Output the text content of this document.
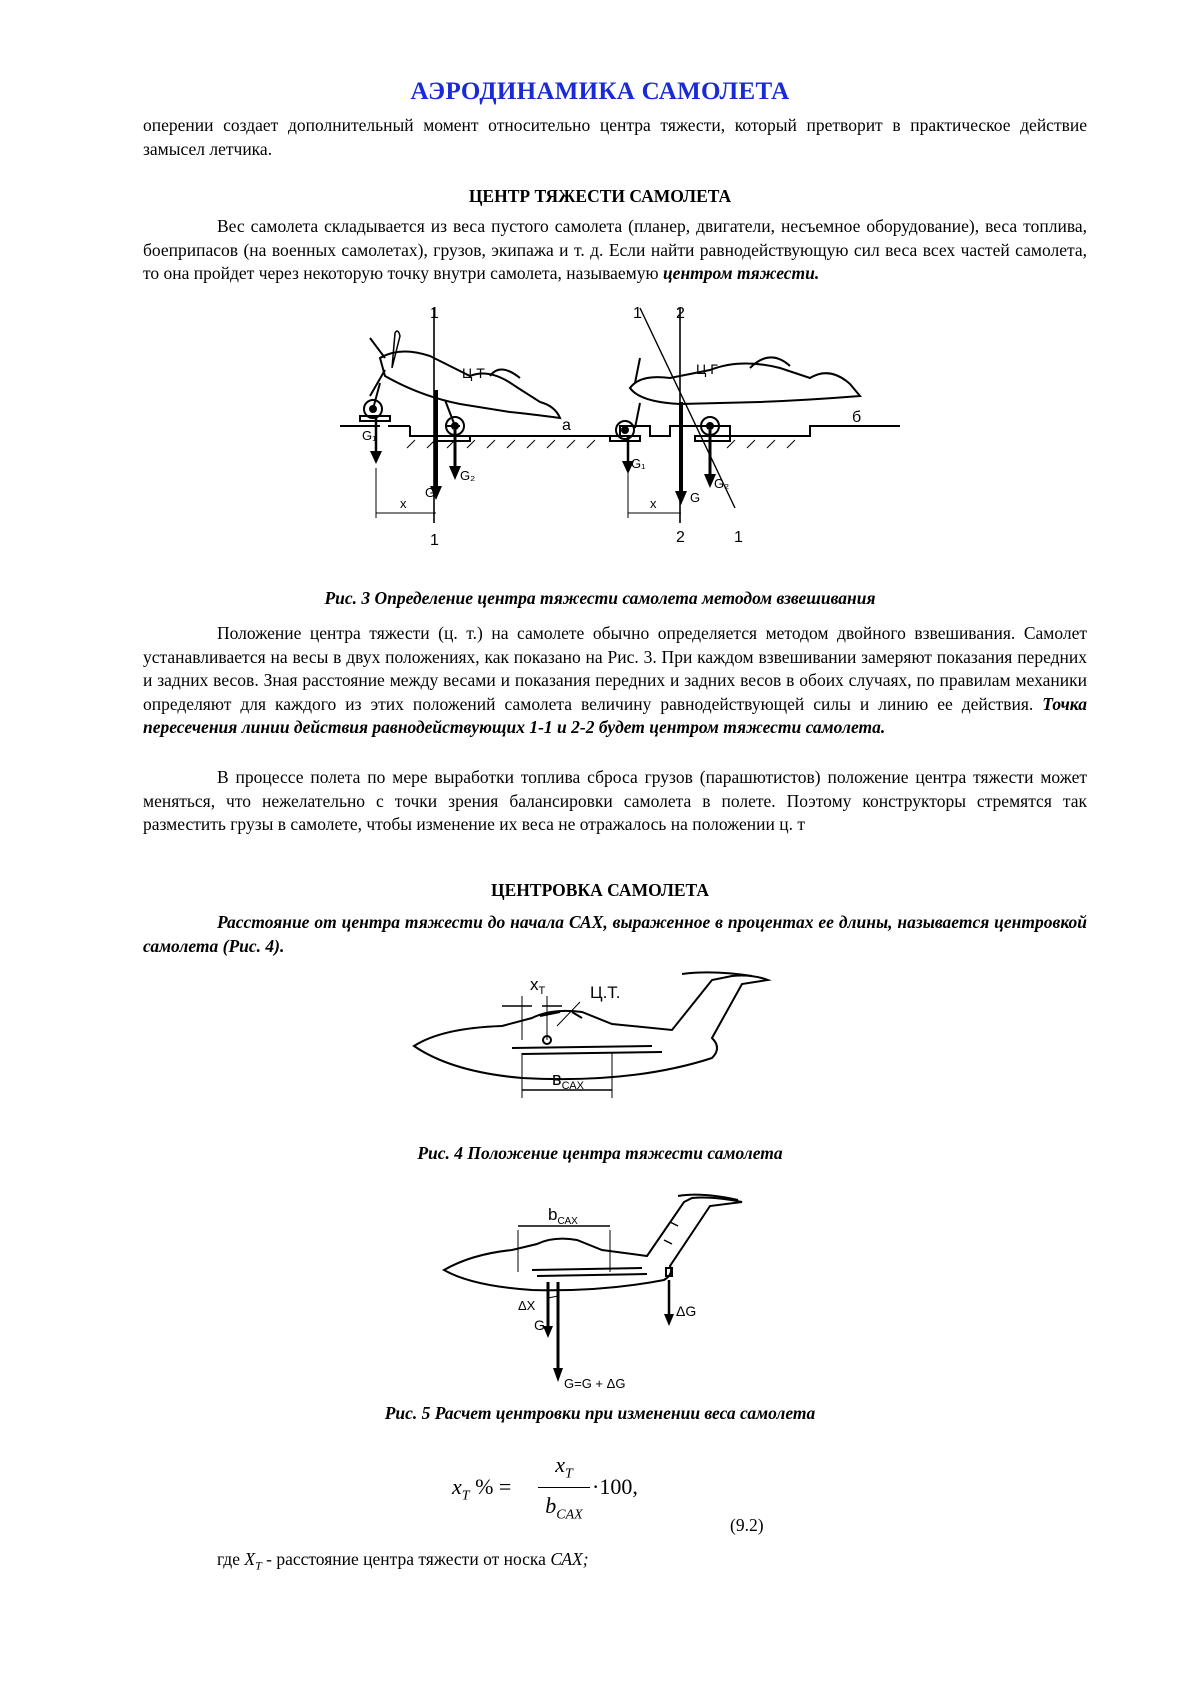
АЭРОДИНАМИКА САМОЛЕТА
оперении создает дополнительный момент относительно центра тяжести, который претворит в практическое действие замысел летчика.
ЦЕНТР ТЯЖЕСТИ САМОЛЕТА
Вес самолета складывается из веса пустого самолета (планер, двигатели, несъемное оборудование), веса топлива, боеприпасов (на военных самолетах), грузов, экипажа и т. д. Если найти равнодействующую сил веса всех частей самолета, то она пройдет через некоторую точку внутри самолета, называемую центром тяжести.
1
1
1 2
2	1
Ц Т	Ц Г
а	б
G₁
G₂
G
G₁
G₂
G
x	x
Рис. 3 Определение центра тяжести самолета методом взвешивания
Положение центра тяжести (ц. т.) на самолете обычно определяется методом двойного взвешивания. Самолет устанавливается на весы в двух положениях, как показано на Рис. 3. При каждом взвешивании замеряют показания передних и задних весов. Зная расстояние между весами и показания передних и задних весов в обоих случаях, по правилам механики определяют для каждого из этих положений самолета величину равнодействующей силы и линию ее действия. Точка пересечения линии действия равнодействующих 1-1 и 2-2 будет центром тяжести самолета.
В процессе полета по мере выработки топлива сброса грузов (парашютистов) положение центра тяжести может меняться, что нежелательно с точки зрения балансировки самолета в полете. Поэтому конструкторы стремятся так разместить грузы в самолете, чтобы изменение их веса не отражалось на положении ц. т
ЦЕНТРОВКА САМОЛЕТА
Расстояние от центра тяжести до начала САХ, выраженное в процентах ее длины, называется центровкой самолета (Рис. 4).
$x_Т$	Ц.Т.
$в_{САХ}$
Рис. 4 Положение центра тяжести самолета
$b_{САХ}$
ΔX
G
ΔG
G=G + ΔG
Рис. 5 Расчет центровки при изменении веса самолета
$x_T$ % =
$x_T$
$b_{CAX}$
·100,
(9.2)
где $X_T$ - расстояние центра тяжести от носка САХ;
